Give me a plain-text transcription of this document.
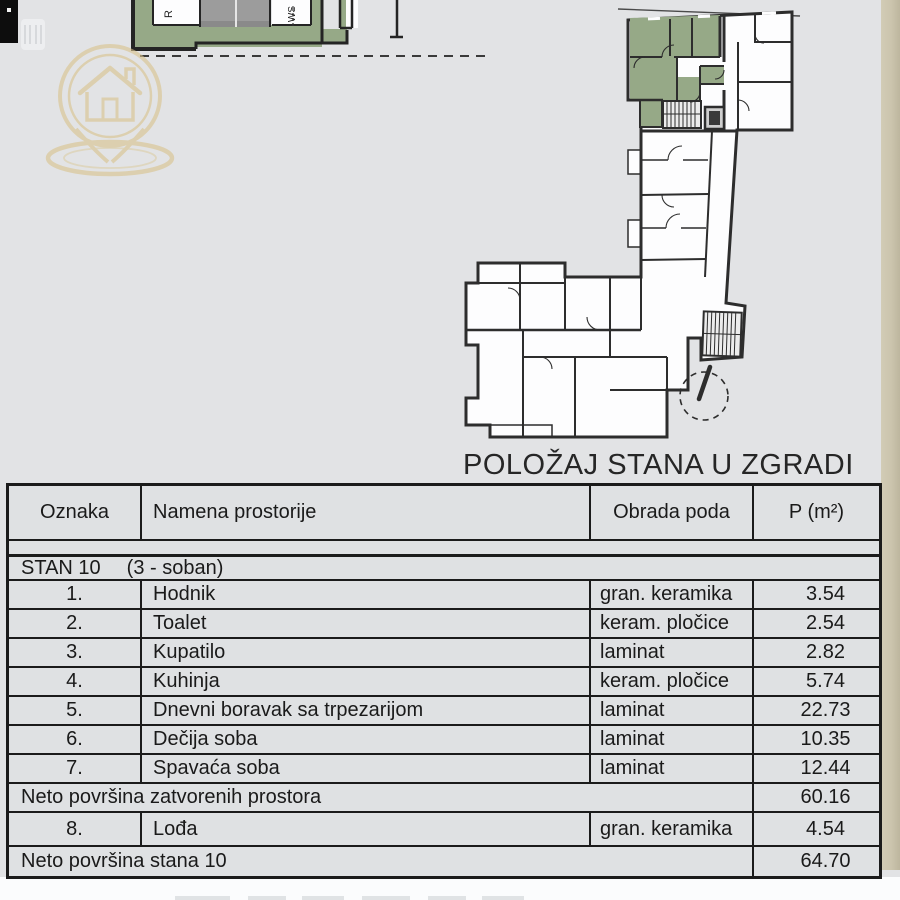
R	WS
POLOŽAJ STANA U ZGRADI
Oznaka	Namena prostorije	Obrada poda	P (m²)
STAN 10	(3 - soban)
1.	Hodnik	gran. keramika	3.54
2.	Toalet	keram. pločice	2.54
3.	Kupatilo	laminat	2.82
4.	Kuhinja	keram. pločice	5.74
5.	Dnevni boravak sa trpezarijom	laminat	22.73
6.	Dečija soba	laminat	10.35
7.	Spavaća soba	laminat	12.44
Neto površina zatvorenih prostora	60.16
8.	Lođa	gran. keramika	4.54
Neto površina stana 10	64.70
